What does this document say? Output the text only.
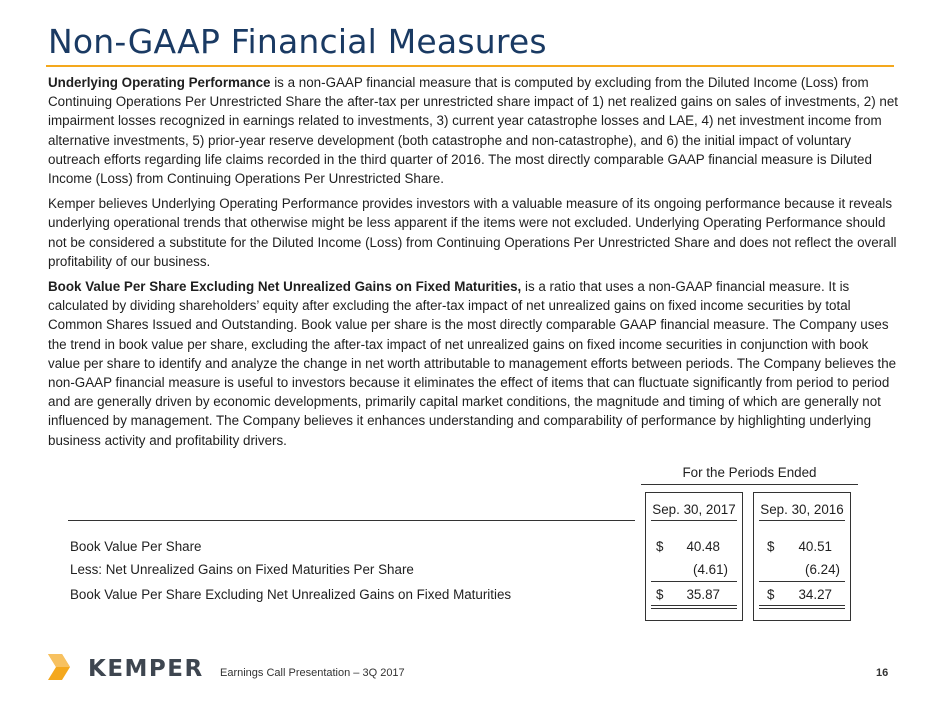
Non-GAAP Financial Measures

Underlying Operating Performance is a non-GAAP financial measure that is computed by excluding from the Diluted Income (Loss) from Continuing Operations Per Unrestricted Share the after-tax per unrestricted share impact of 1) net realized gains on sales of investments, 2) net impairment losses recognized in earnings related to investments, 3) current year catastrophe losses and LAE, 4) net investment income from alternative investments, 5) prior-year reserve development (both catastrophe and non-catastrophe), and 6) the initial impact of voluntary outreach efforts regarding life claims recorded in the third quarter of 2016. The most directly comparable GAAP financial measure is Diluted Income (Loss) from Continuing Operations Per Unrestricted Share.

Kemper believes Underlying Operating Performance provides investors with a valuable measure of its ongoing performance because it reveals underlying operational trends that otherwise might be less apparent if the items were not excluded. Underlying Operating Performance should not be considered a substitute for the Diluted Income (Loss) from Continuing Operations Per Unrestricted Share and does not reflect the overall profitability of our business.

Book Value Per Share Excluding Net Unrealized Gains on Fixed Maturities, is a ratio that uses a non-GAAP financial measure. It is calculated by dividing shareholders’ equity after excluding the after-tax impact of net unrealized gains on fixed income securities by total Common Shares Issued and Outstanding. Book value per share is the most directly comparable GAAP financial measure. The Company uses the trend in book value per share, excluding the after-tax impact of net unrealized gains on fixed income securities in conjunction with book value per share to identify and analyze the change in net worth attributable to management efforts between periods. The Company believes the non-GAAP financial measure is useful to investors because it eliminates the effect of items that can fluctuate significantly from period to period and are generally driven by economic developments, primarily capital market conditions, the magnitude and timing of which are generally not influenced by management. The Company believes it enhances understanding and comparability of performance by highlighting underlying business activity and profitability drivers.

For the Periods Ended
Sep. 30, 2017	Sep. 30, 2016
Book Value Per Share	$	40.48	$	40.51
Less: Net Unrealized Gains on Fixed Maturities Per Share	(4.61)	(6.24)
Book Value Per Share Excluding Net Unrealized Gains on Fixed Maturities	$	35.87	$	34.27
KEMPER Earnings Call Presentation – 3Q 2017	16
